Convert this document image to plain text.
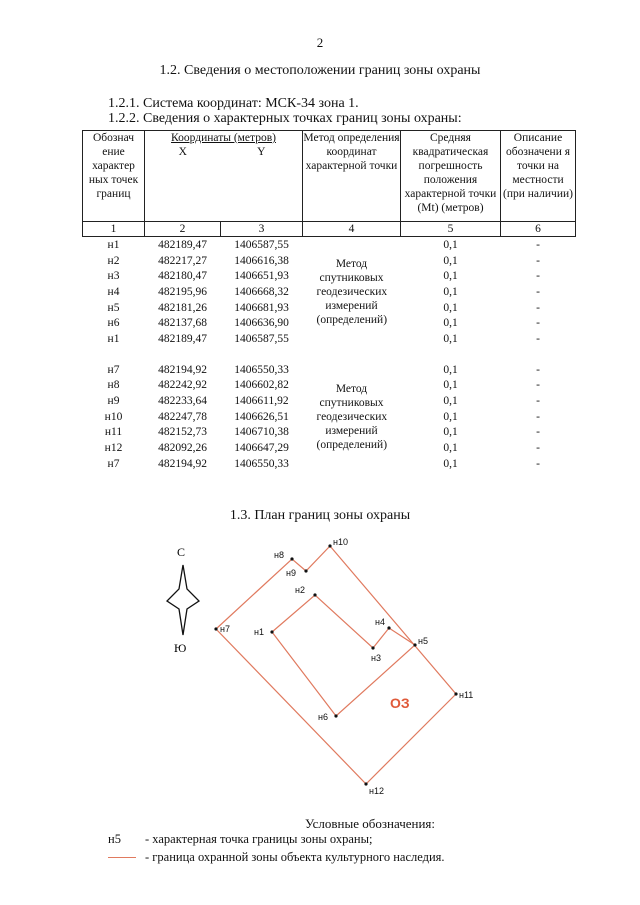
2
1.2. Сведения о местоположении границ зоны охраны
1.2.1. Система координат: МСК-34 зона 1.
1.2.2. Сведения о характерных точках границ зоны охраны:
Обознач ение характер ных точек границ	Координаты (метров)		Метод определения координат характерной точки	Средняя квадратическая погрешность положения характерной точки (Mt) (метров)	Описание обозначени я точки на местности (при наличии)
	X	Y			
1	2	3	4	5	6
н1	482189,47	1406587,55	Метод спутниковых геодезических измерений (определений)	0,1	-
н2	482217,27	1406616,38		0,1	-
н3	482180,47	1406651,93		0,1	-
н4	482195,96	1406668,32		0,1	-
н5	482181,26	1406681,93		0,1	-
н6	482137,68	1406636,90		0,1	-
н1	482189,47	1406587,55		0,1	-

н7	482194,92	1406550,33	Метод спутниковых геодезических измерений (определений)	0,1	-
н8	482242,92	1406602,82		0,1	-
н9	482233,64	1406611,92		0,1	-
н10	482247,78	1406626,51		0,1	-
н11	482152,73	1406710,38		0,1	-
н12	482092,26	1406647,29		0,1	-
н7	482194,92	1406550,33		0,1	-
1.3. План границ зоны охраны
С
Ю
н1
н2
н3
н4
н5
н6
н7
н8
н9
н10
н11
н12
ОЗ
Условные обозначения:
н5 - характерная точка границы зоны охраны;
- граница охранной зоны объекта культурного наследия.
